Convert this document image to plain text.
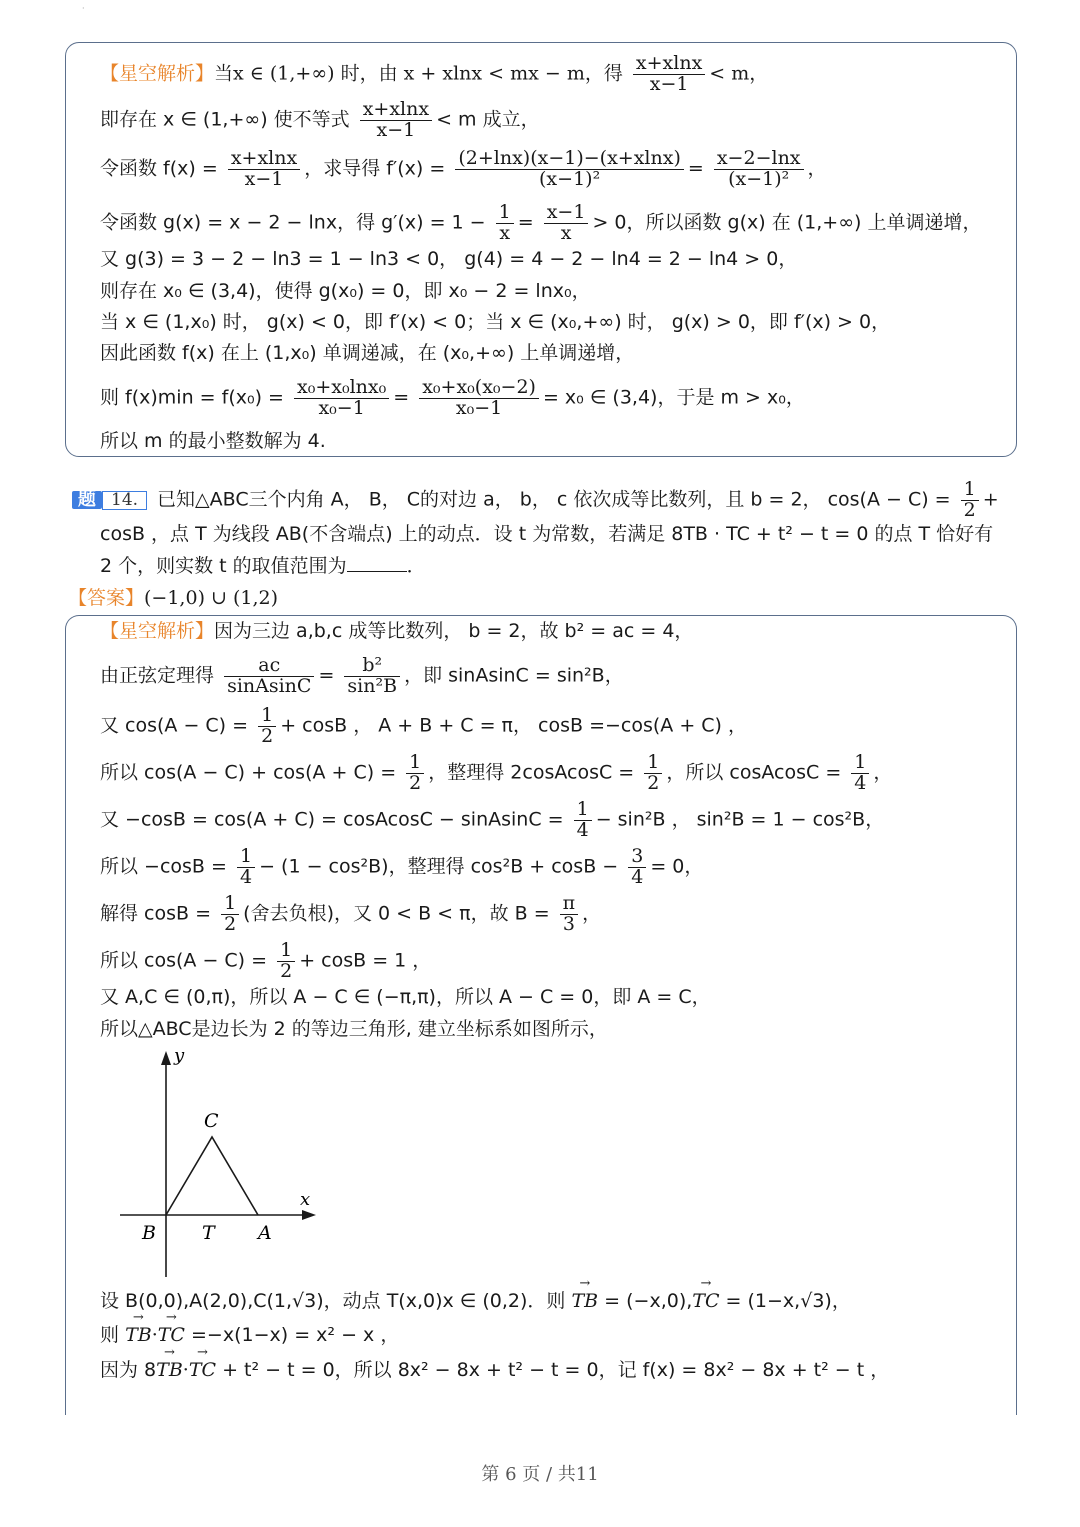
·
【星空解析】当x ∈ (1,+∞) 时，由 x + xlnx < mx − m，得 $\frac{x+xlnx}{x-1} < m$，
即存在 x ∈ (1,+∞) 使不等式 $\frac{x+xlnx}{x-1} < m$ 成立，
令函数 $f(x) = \frac{x+xlnx}{x-1}$ ，求导得 $f'(x) = \frac{(2+\ln x)(x-1)-(x+xlnx)}{\text{(x−1)²}} = \frac{x-2-\ln x}{\text{(x−1)²}}$ ，
令函数 g(x) = x − 2 − lnx，得 $g'(x) = 1 - \frac{1}{x} = \frac{x-1}{x} > 0$，所以函数 g(x) 在 (1,+∞) 上单调递增，
又 g(3) = 3 − 2 − ln3 = 1 − ln3 < 0， g(4) = 4 − 2 − ln4 = 2 − ln4 > 0，
则存在 x₀ ∈ (3,4)，使得 g(x₀) = 0，即 x₀ − 2 = lnx₀，
当 x ∈ (1,x₀) 时， g(x) < 0，即 f′(x) < 0；当 x ∈ (x₀,+∞) 时， g(x) > 0，即 f′(x) > 0，
因此函数 f(x) 在上 (1,x₀) 单调递减，在 (x₀,+∞) 上单调递增，
则 $f(x)\min = f(x_0) = \frac{\text{x₀+x₀lnx₀}}{\text{x₀−1}} = \frac{\text{x₀+x₀(x₀−2)}}{\text{x₀−1}} = x_0$ ∈ (3,4)，于是 m > x₀，
所以 m 的最小整数解为 4.
题 14. 已知△ABC三个内角 A， B， C的对边 a， b， c 依次成等比数列，且 b = 2， $\cos(A - C) = \frac{1}{2}$ +
cosB ，点 T 为线段 AB(不含端点) 上的动点．设 t 为常数，若满足 8TB · TC + t² − t = 0 的点 T 恰好有
2 个，则实数 t 的取值范围为	．
【答案】(−1,0) ∪ (1,2)
【星空解析】因为三边 a,b,c 成等比数列， b = 2，故 b² = ac = 4，
由正弦定理得 $\frac{ac}{\text{sinAsinC}} = \frac{\text{b²}}{\text{sin²B}}$ ，即 sinAsinC = sin²B，
又 $\cos(A - C) = \frac{1}{2} + \cos B$ ， A + B + C = π， cosB =−cos(A + C) ，
所以 $\cos(A - C) + \cos(A + C) = \frac{1}{2}$ ，整理得 2cosAcosC = $\frac{1}{2}$ ，所以 cosAcosC = $\frac{1}{4}$ ，
又 −cosB = cos(A + C) = cosAcosC − sinAsinC = $\frac{1}{4} - \sin^2B$ ， sin²B = 1 − cos²B，
所以 $-\cos B = \frac{1}{4} - (1 - \cos^2B)$，整理得 $\cos^2B + \cos B - \frac{3}{4} = 0$，
解得 $\cos B = \frac{1}{2}$ (舍去负根)，又 0 < B < π，故 $B = \frac{\pi}{3}$ ，
所以 $\cos(A - C) = \frac{1}{2} + \cos B = 1$ ，
又 A,C ∈ (0,π)，所以 A − C ∈ (−π,π)，所以 A − C = 0，即 A = C，
所以△ABC是边长为 2 的等边三角形, 建立坐标系如图所示，
y
x
C
B T A
设 B(0,0),A(2,0),C(1,√3)，动点 T(x,0)x ∈ (0,2)．则 → TB = (−x,0),→ TC = (1−x,√3)，
则 → TB·→ TC =−x(1−x) = x² − x ，
因为 8→ TB·→ TC + t² − t = 0，所以 8x² − 8x + t² − t = 0，记 f(x) = 8x² − 8x + t² − t ，
第 6 页 / 共11
